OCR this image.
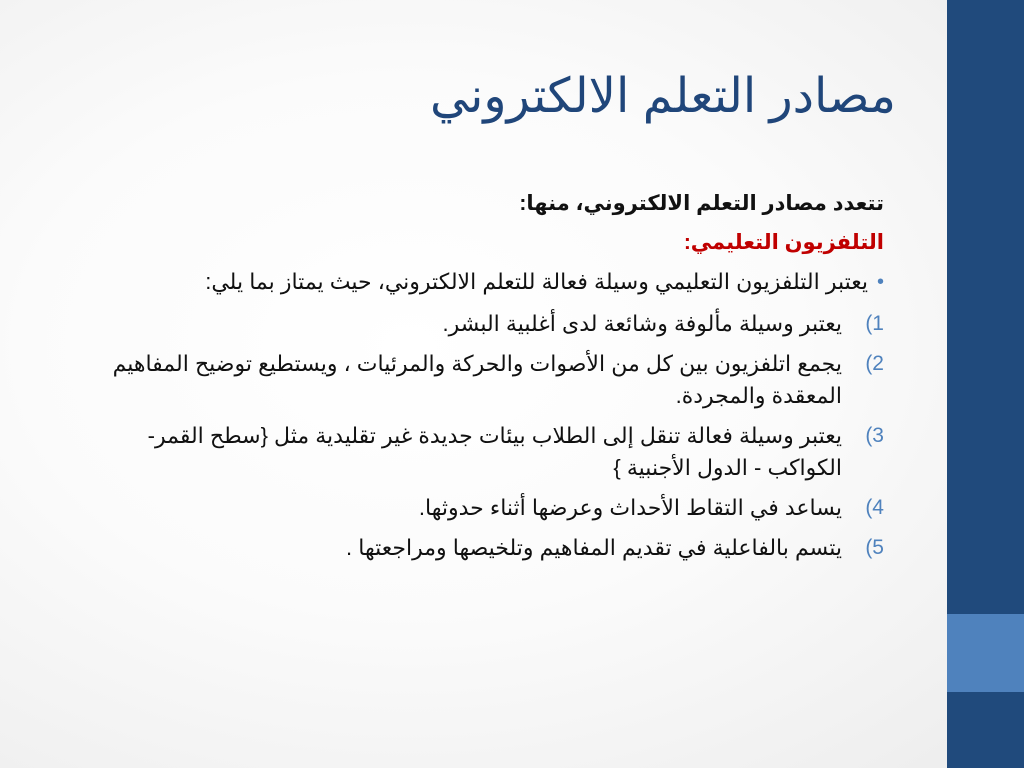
مصادر التعلم الالكتروني

تتعدد مصادر التعلم الالكتروني، منها:

التلفزيون التعليمي:

•
يعتبر التلفزيون التعليمي وسيلة فعالة للتعلم الالكتروني، حيث يمتاز بما يلي:
(1
يعتبر وسيلة مألوفة وشائعة لدى أغلبية البشر.
(2
يجمع اتلفزيون بين كل من الأصوات والحركة والمرئيات ، ويستطيع توضيح المفاهيم المعقدة والمجردة.
(3
يعتبر وسيلة فعالة تنقل إلى الطلاب بيئات جديدة غير تقليدية مثل {سطح القمر- الكواكب - الدول الأجنبية }
(4
يساعد في التقاط الأحداث وعرضها أثناء حدوثها.
(5
يتسم بالفاعلية في تقديم المفاهيم وتلخيصها ومراجعتها .
